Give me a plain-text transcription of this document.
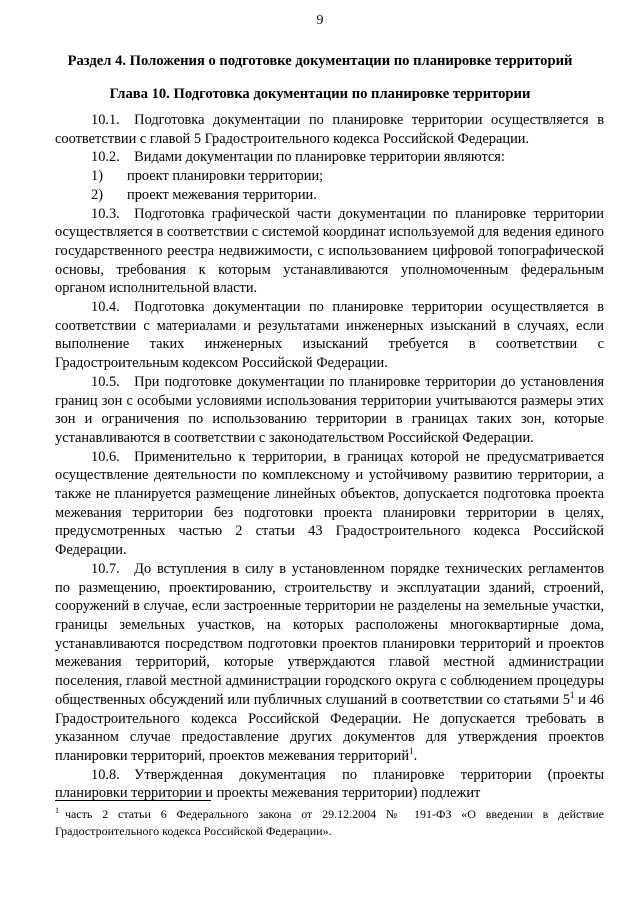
9
Раздел 4. Положения о подготовке документации по планировке территорий
Глава 10. Подготовка документации по планировке территории

10.1. Подготовка документации по планировке территории осуществляется в соответствии с главой 5 Градостроительного кодекса Российской Федерации.

10.2. Видами документации по планировке территории являются:

1)	проект планировки территории;
2)	проект межевания территории.

10.3. Подготовка графической части документации по планировке территории осуществляется в соответствии с системой координат используемой для ведения единого государственного реестра недвижимости, с использованием цифровой топографической основы, требования к которым устанавливаются уполномоченным федеральным органом исполнительной власти.

10.4. Подготовка документации по планировке территории осуществляется в соответствии с материалами и результатами инженерных изысканий в случаях, если выполнение таких инженерных изысканий требуется в соответствии с Градостроительным кодексом Российской Федерации.

10.5. При подготовке документации по планировке территории до установления границ зон с особыми условиями использования территории учитываются размеры этих зон и ограничения по использованию территории в границах таких зон, которые устанавливаются в соответствии с законодательством Российской Федерации.

10.6. Применительно к территории, в границах которой не предусматривается осуществление деятельности по комплексному и устойчивому развитию территории, а также не планируется размещение линейных объектов, допускается подготовка проекта межевания территории без подготовки проекта планировки территории в целях, предусмотренных частью 2 статьи 43 Градостроительного кодекса Российской Федерации.

10.7. До вступления в силу в установленном порядке технических регламентов по размещению, проектированию, строительству и эксплуатации зданий, строений, сооружений в случае, если застроенные территории не разделены на земельные участки, границы земельных участков, на которых расположены многоквартирные дома, устанавливаются посредством подготовки проектов планировки территорий и проектов межевания территорий, которые утверждаются главой местной администрации поселения, главой местной администрации городского округа с соблюдением процедуры общественных обсуждений или публичных слушаний в соответствии со статьями $5^1$ и 46 Градостроительного кодекса Российской Федерации. Не допускается требовать в указанном случае предоставление других документов для утверждения проектов планировки территорий, проектов межевания территорий$^1$.

10.8. Утвержденная документация по планировке территории (проекты планировки территории и проекты межевания территории) подлежит

$^1$ часть 2 статьи 6 Федерального закона от 29.12.2004 № 191-ФЗ «О введении в действие Градостроительного кодекса Российской Федерации».
